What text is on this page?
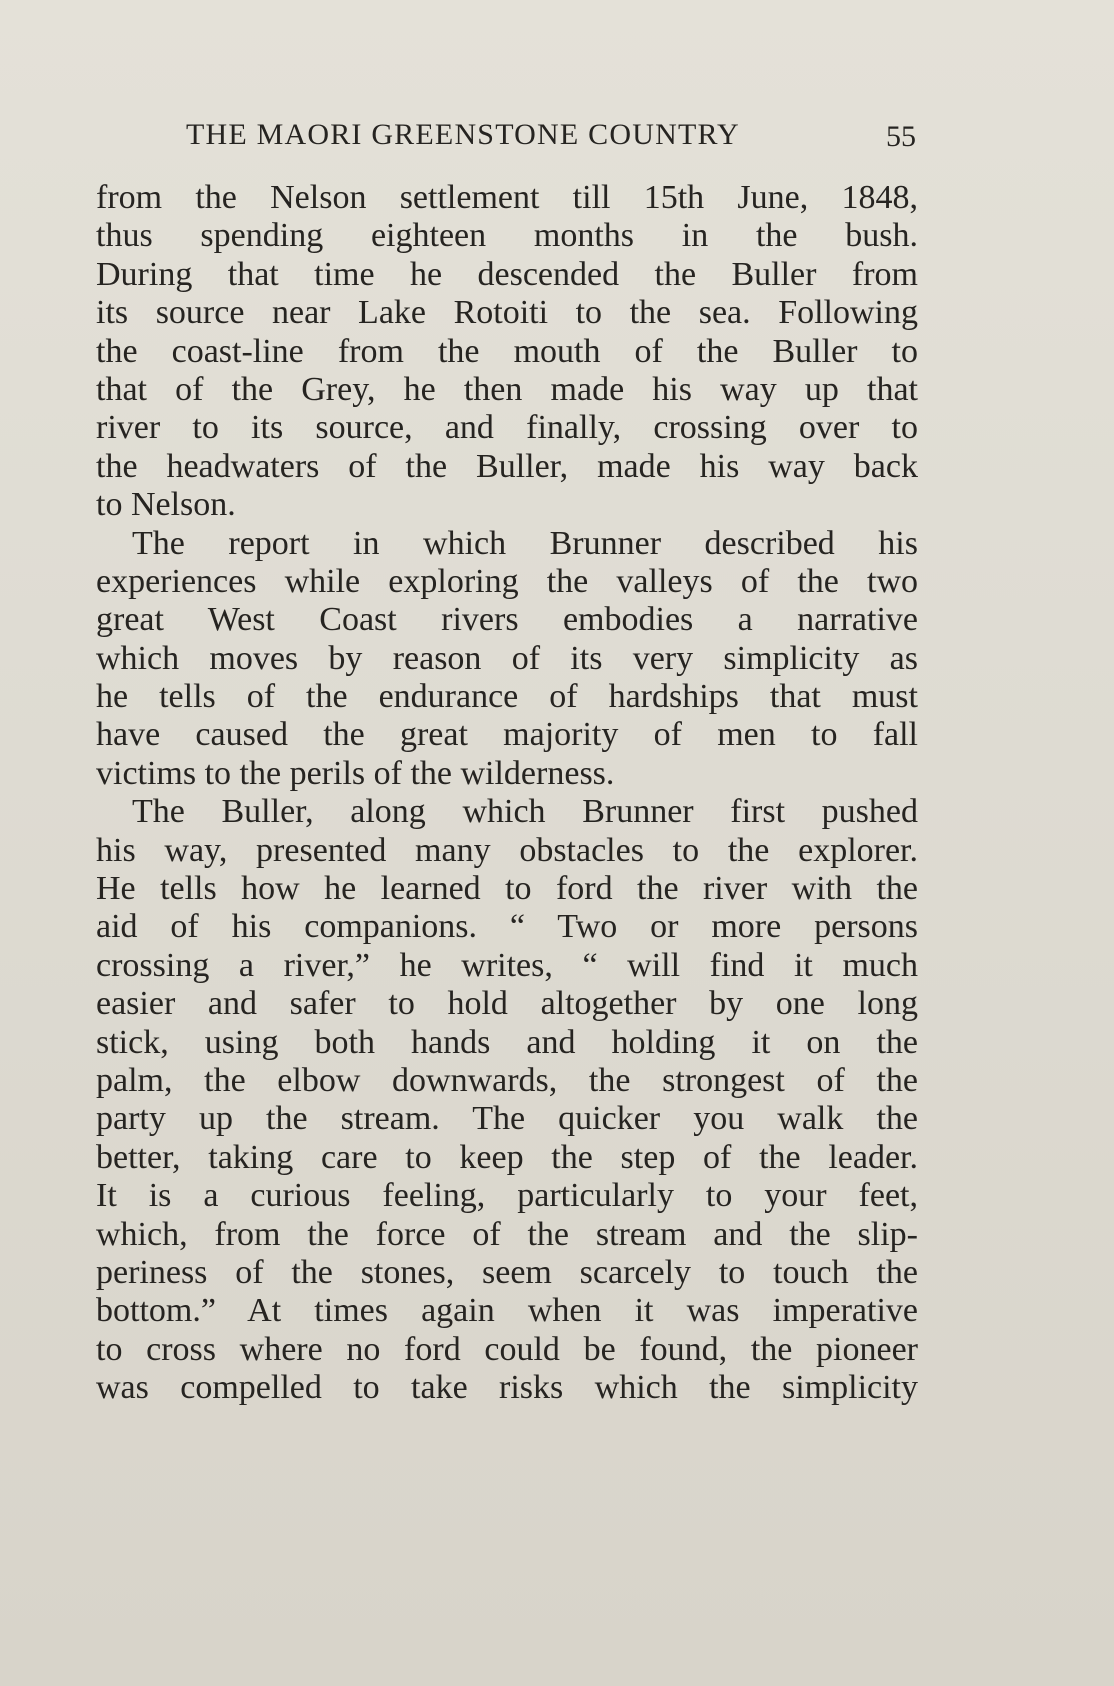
THE MAORI GREENSTONE COUNTRY	55
from the Nelson settlement till 15th June, 1848,
thus spending eighteen months in the bush.
During that time he descended the Buller from
its source near Lake Rotoiti to the sea. Following
the coast-line from the mouth of the Buller to
that of the Grey, he then made his way up that
river to its source, and finally, crossing over to
the headwaters of the Buller, made his way back
to Nelson.
The report in which Brunner described his
experiences while exploring the valleys of the two
great West Coast rivers embodies a narrative
which moves by reason of its very simplicity as
he tells of the endurance of hardships that must
have caused the great majority of men to fall
victims to the perils of the wilderness.
The Buller, along which Brunner first pushed
his way, presented many obstacles to the explorer.
He tells how he learned to ford the river with the
aid of his companions. “ Two or more persons
crossing a river,” he writes, “ will find it much
easier and safer to hold altogether by one long
stick, using both hands and holding it on the
palm, the elbow downwards, the strongest of the
party up the stream. The quicker you walk the
better, taking care to keep the step of the leader.
It is a curious feeling, particularly to your feet,
which, from the force of the stream and the slip-
periness of the stones, seem scarcely to touch the
bottom.” At times again when it was imperative
to cross where no ford could be found, the pioneer
was compelled to take risks which the simplicity
